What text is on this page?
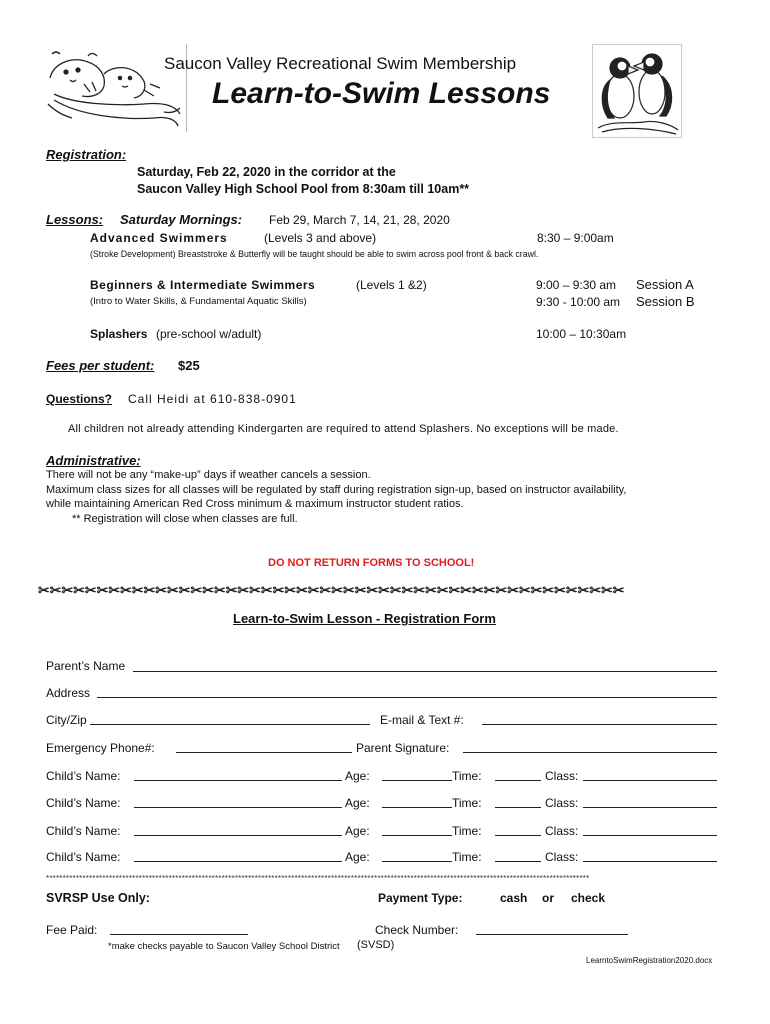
Saucon Valley Recreational Swim Membership
Learn-to-Swim Lessons
Registration:
Saturday, Feb 22, 2020 in the corridor at the
Saucon Valley High School Pool from 8:30am till 10am**
Lessons: Saturday Mornings: Feb 29, March 7, 14, 21, 28, 2020
Advanced Swimmers	(Levels 3 and above)	8:30 – 9:00am
(Stroke Development) Breaststroke & Butterfly will be taught should be able to swim across pool front & back crawl.
Beginners & Intermediate Swimmers	(Levels 1 &2)	9:00 – 9:30 am Session A
(Intro to Water Skills, & Fundamental Aquatic Skills)	9:30 - 10:00 am Session B
Splashers (pre-school w/adult)	10:00 – 10:30am
Fees per student: $25
Questions? Call Heidi at 610-838-0901
All children not already attending Kindergarten are required to attend Splashers. No exceptions will be made.
Administrative:
There will not be any “make-up” days if weather cancels a session.
Maximum class sizes for all classes will be regulated by staff during registration sign-up, based on instructor availability,
while maintaining American Red Cross minimum & maximum instructor student ratios.
** Registration will close when classes are full.
DO NOT RETURN FORMS TO SCHOOL!
✂✂✂✂✂✂✂✂✂✂✂✂✂✂✂✂✂✂✂✂✂✂✂✂✂✂✂✂✂✂✂✂✂✂✂✂✂✂✂✂✂✂✂✂✂✂✂✂✂✂
Learn-to-Swim Lesson - Registration Form
Parent’s Name
Address
City/Zip	E-mail & Text #:
Emergency Phone#:	Parent Signature:
Child’s Name:	Age:	Time:	Class:
Child’s Name:	Age:	Time:	Class:
Child’s Name:	Age:	Time:	Class:
Child’s Name:	Age:	Time:	Class:
********************************************************************************************************************************************************************
SVRSP Use Only:	Payment Type:	cash or check
Fee Paid:	Check Number:
*make checks payable to Saucon Valley School District (SVSD)
LearntoSwimRegistration2020.docx
